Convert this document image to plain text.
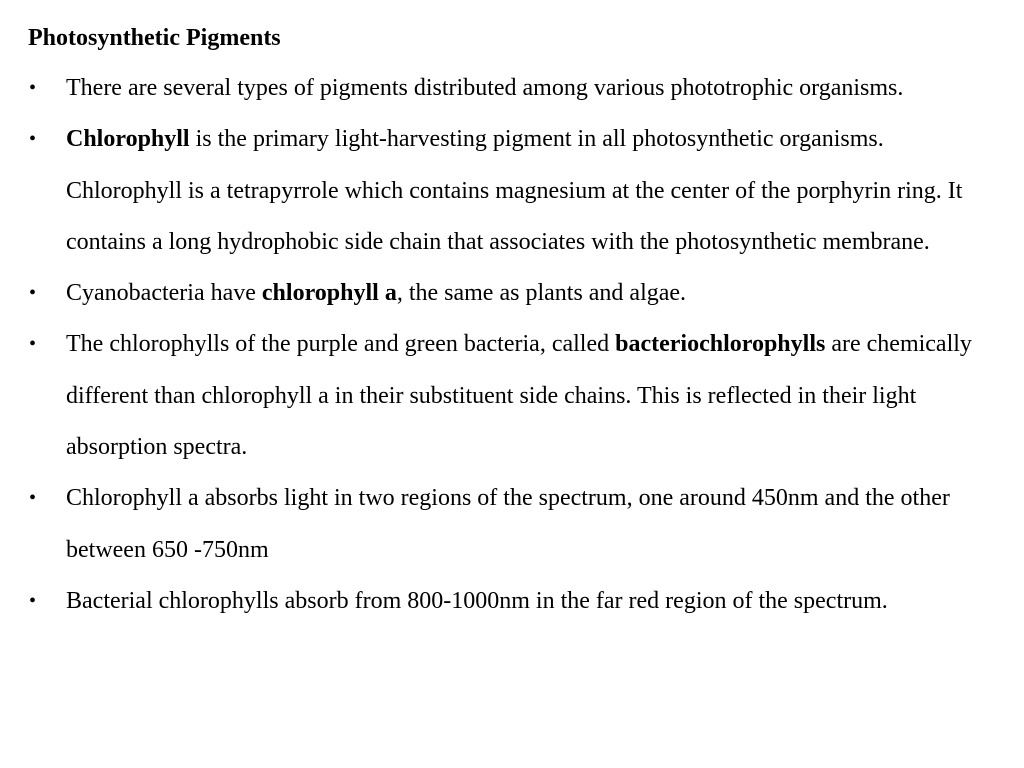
Photosynthetic Pigments
• There are several types of pigments distributed among various phototrophic organisms.
• Chlorophyll is the primary light-harvesting pigment in all photosynthetic organisms. Chlorophyll is a tetrapyrrole which contains magnesium at the center of the porphyrin ring. It contains a long hydrophobic side chain that associates with the photosynthetic membrane.
• Cyanobacteria have chlorophyll a, the same as plants and algae.
• The chlorophylls of the purple and green bacteria, called bacteriochlorophylls are chemically different than chlorophyll a in their substituent side chains. This is reflected in their light absorption spectra.
• Chlorophyll a absorbs light in two regions of the spectrum, one around 450nm and the other between 650 -750nm
• Bacterial chlorophylls absorb from 800-1000nm in the far red region of the spectrum.
